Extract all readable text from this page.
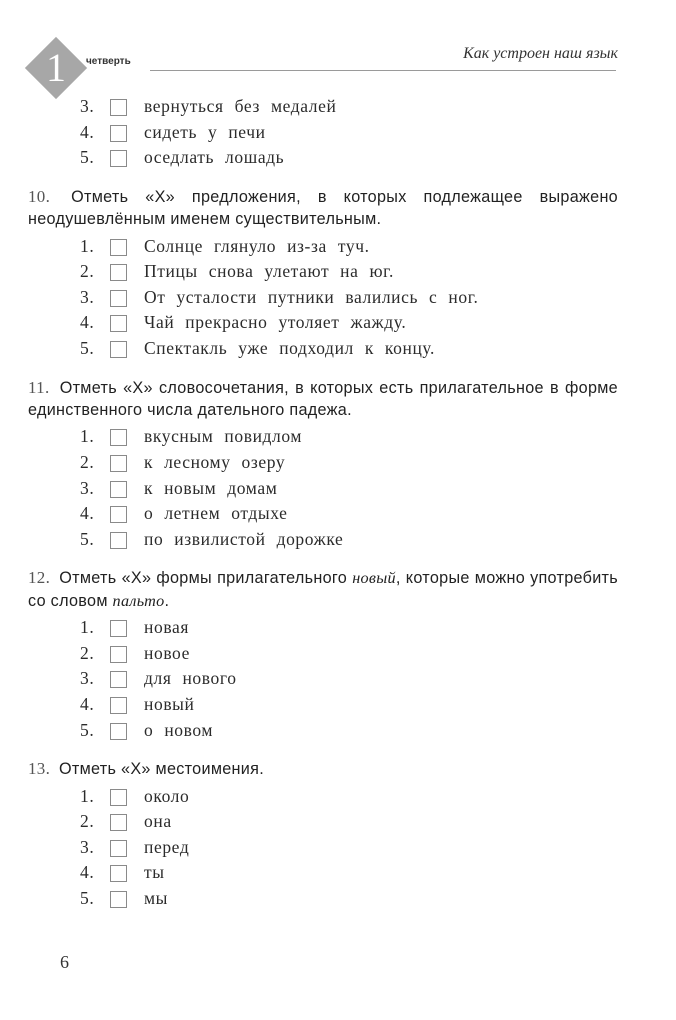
1	четверть	Как устроен наш язык
3.	вернуться без медалей
4.	сидеть у печи
5.	оседлать лошадь
10. Отметь «X» предложения, в которых подлежащее выражено неодушевлённым именем существительным.
1.	Солнце глянуло из-за туч.
2.	Птицы снова улетают на юг.
3.	От усталости путники валились с ног.
4.	Чай прекрасно утоляет жажду.
5.	Спектакль уже подходил к концу.
11. Отметь «X» словосочетания, в которых есть прилагательное в форме единственного числа дательного падежа.
1.	вкусным повидлом
2.	к лесному озеру
3.	к новым домам
4.	о летнем отдыхе
5.	по извилистой дорожке
12. Отметь «X» формы прилагательного новый, которые можно употребить со словом пальто.
1.	новая
2.	новое
3.	для нового
4.	новый
5.	о новом
13. Отметь «X» местоимения.
1.	около
2.	она
3.	перед
4.	ты
5.	мы
6
